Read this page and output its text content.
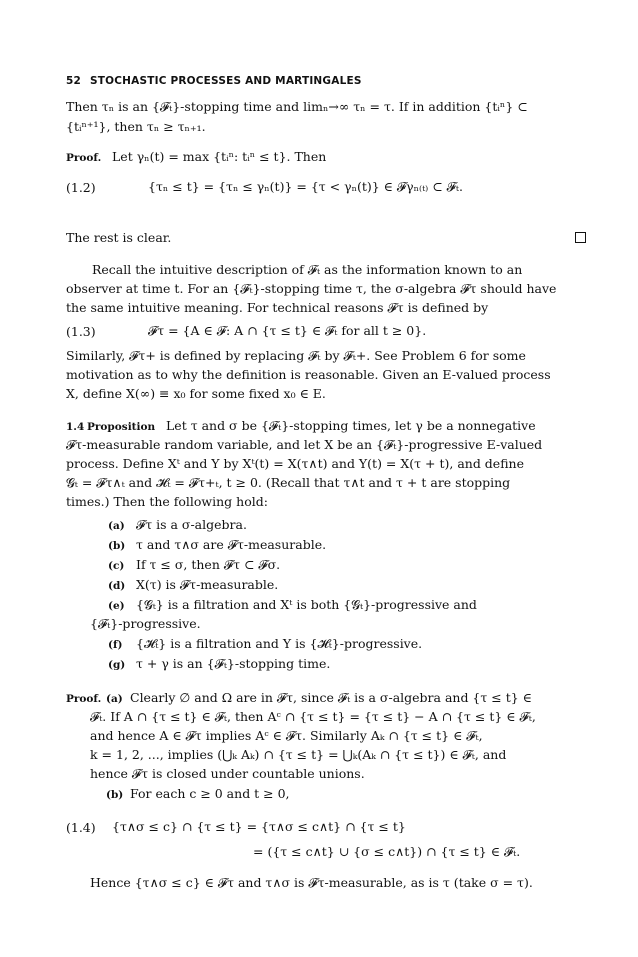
52 STOCHASTIC PROCESSES AND MARTINGALES
Then τₙ is an {𝓕ₜ}-stopping time and limₙ→∞ τₙ = τ. If in addition {tᵢⁿ} ⊂
{tᵢⁿ⁺¹}, then τₙ ≥ τₙ₊₁.
Proof. Let γₙ(t) = max {tᵢⁿ: tᵢⁿ ≤ t}. Then
(1.2)	{τₙ ≤ t} = {τₙ ≤ γₙ(t)} = {τ < γₙ(t)} ∈ 𝓕γₙ₍ₜ₎ ⊂ 𝓕ₜ.
The rest is clear.
Recall the intuitive description of 𝓕ₜ as the information known to an
observer at time t. For an {𝓕ₜ}-stopping time τ, the σ-algebra 𝓕τ should have
the same intuitive meaning. For technical reasons 𝓕τ is defined by
(1.3)	𝓕τ = {A ∈ 𝓕: A ∩ {τ ≤ t} ∈ 𝓕ₜ for all t ≥ 0}.
Similarly, 𝓕τ+ is defined by replacing 𝓕ₜ by 𝓕ₜ+. See Problem 6 for some
motivation as to why the definition is reasonable. Given an E-valued process
X, define X(∞) ≡ x₀ for some fixed x₀ ∈ E.
1.4 Proposition Let τ and σ be {𝓕ₜ}-stopping times, let γ be a nonnegative
𝓕τ-measurable random variable, and let X be an {𝓕ₜ}-progressive E-valued
process. Define Xᵗ and Y by Xᵗ(t) = X(τ∧t) and Y(t) = X(τ + t), and define
𝓖ₜ = 𝓕τ∧ₜ and 𝓗ₜ = 𝓕τ+ₜ, t ≥ 0. (Recall that τ∧t and τ + t are stopping
times.) Then the following hold:
(a) 𝓕τ is a σ-algebra.
(b) τ and τ∧σ are 𝓕τ-measurable.
(c) If τ ≤ σ, then 𝓕τ ⊂ 𝓕σ.
(d) X(τ) is 𝓕τ-measurable.
(e) {𝓖ₜ} is a filtration and Xᵗ is both {𝓖ₜ}-progressive and
{𝓕ₜ}-progressive.
(f) {𝓗ₜ} is a filtration and Y is {𝓗ₜ}-progressive.
(g) τ + γ is an {𝓕ₜ}-stopping time.
Proof. (a) Clearly ∅ and Ω are in 𝓕τ, since 𝓕ₜ is a σ-algebra and {τ ≤ t} ∈
𝓕ₜ. If A ∩ {τ ≤ t} ∈ 𝓕ₜ, then Aᶜ ∩ {τ ≤ t} = {τ ≤ t} − A ∩ {τ ≤ t} ∈ 𝓕ₜ,
and hence A ∈ 𝓕τ implies Aᶜ ∈ 𝓕τ. Similarly Aₖ ∩ {τ ≤ t} ∈ 𝓕ₜ,
k = 1, 2, ..., implies (⋃ₖ Aₖ) ∩ {τ ≤ t} = ⋃ₖ(Aₖ ∩ {τ ≤ t}) ∈ 𝓕ₜ, and
hence 𝓕τ is closed under countable unions.
(b) For each c ≥ 0 and t ≥ 0,
(1.4) {τ∧σ ≤ c} ∩ {τ ≤ t} = {τ∧σ ≤ c∧t} ∩ {τ ≤ t}
= ({τ ≤ c∧t} ∪ {σ ≤ c∧t}) ∩ {τ ≤ t} ∈ 𝓕ₜ.
Hence {τ∧σ ≤ c} ∈ 𝓕τ and τ∧σ is 𝓕τ-measurable, as is τ (take σ = τ).
